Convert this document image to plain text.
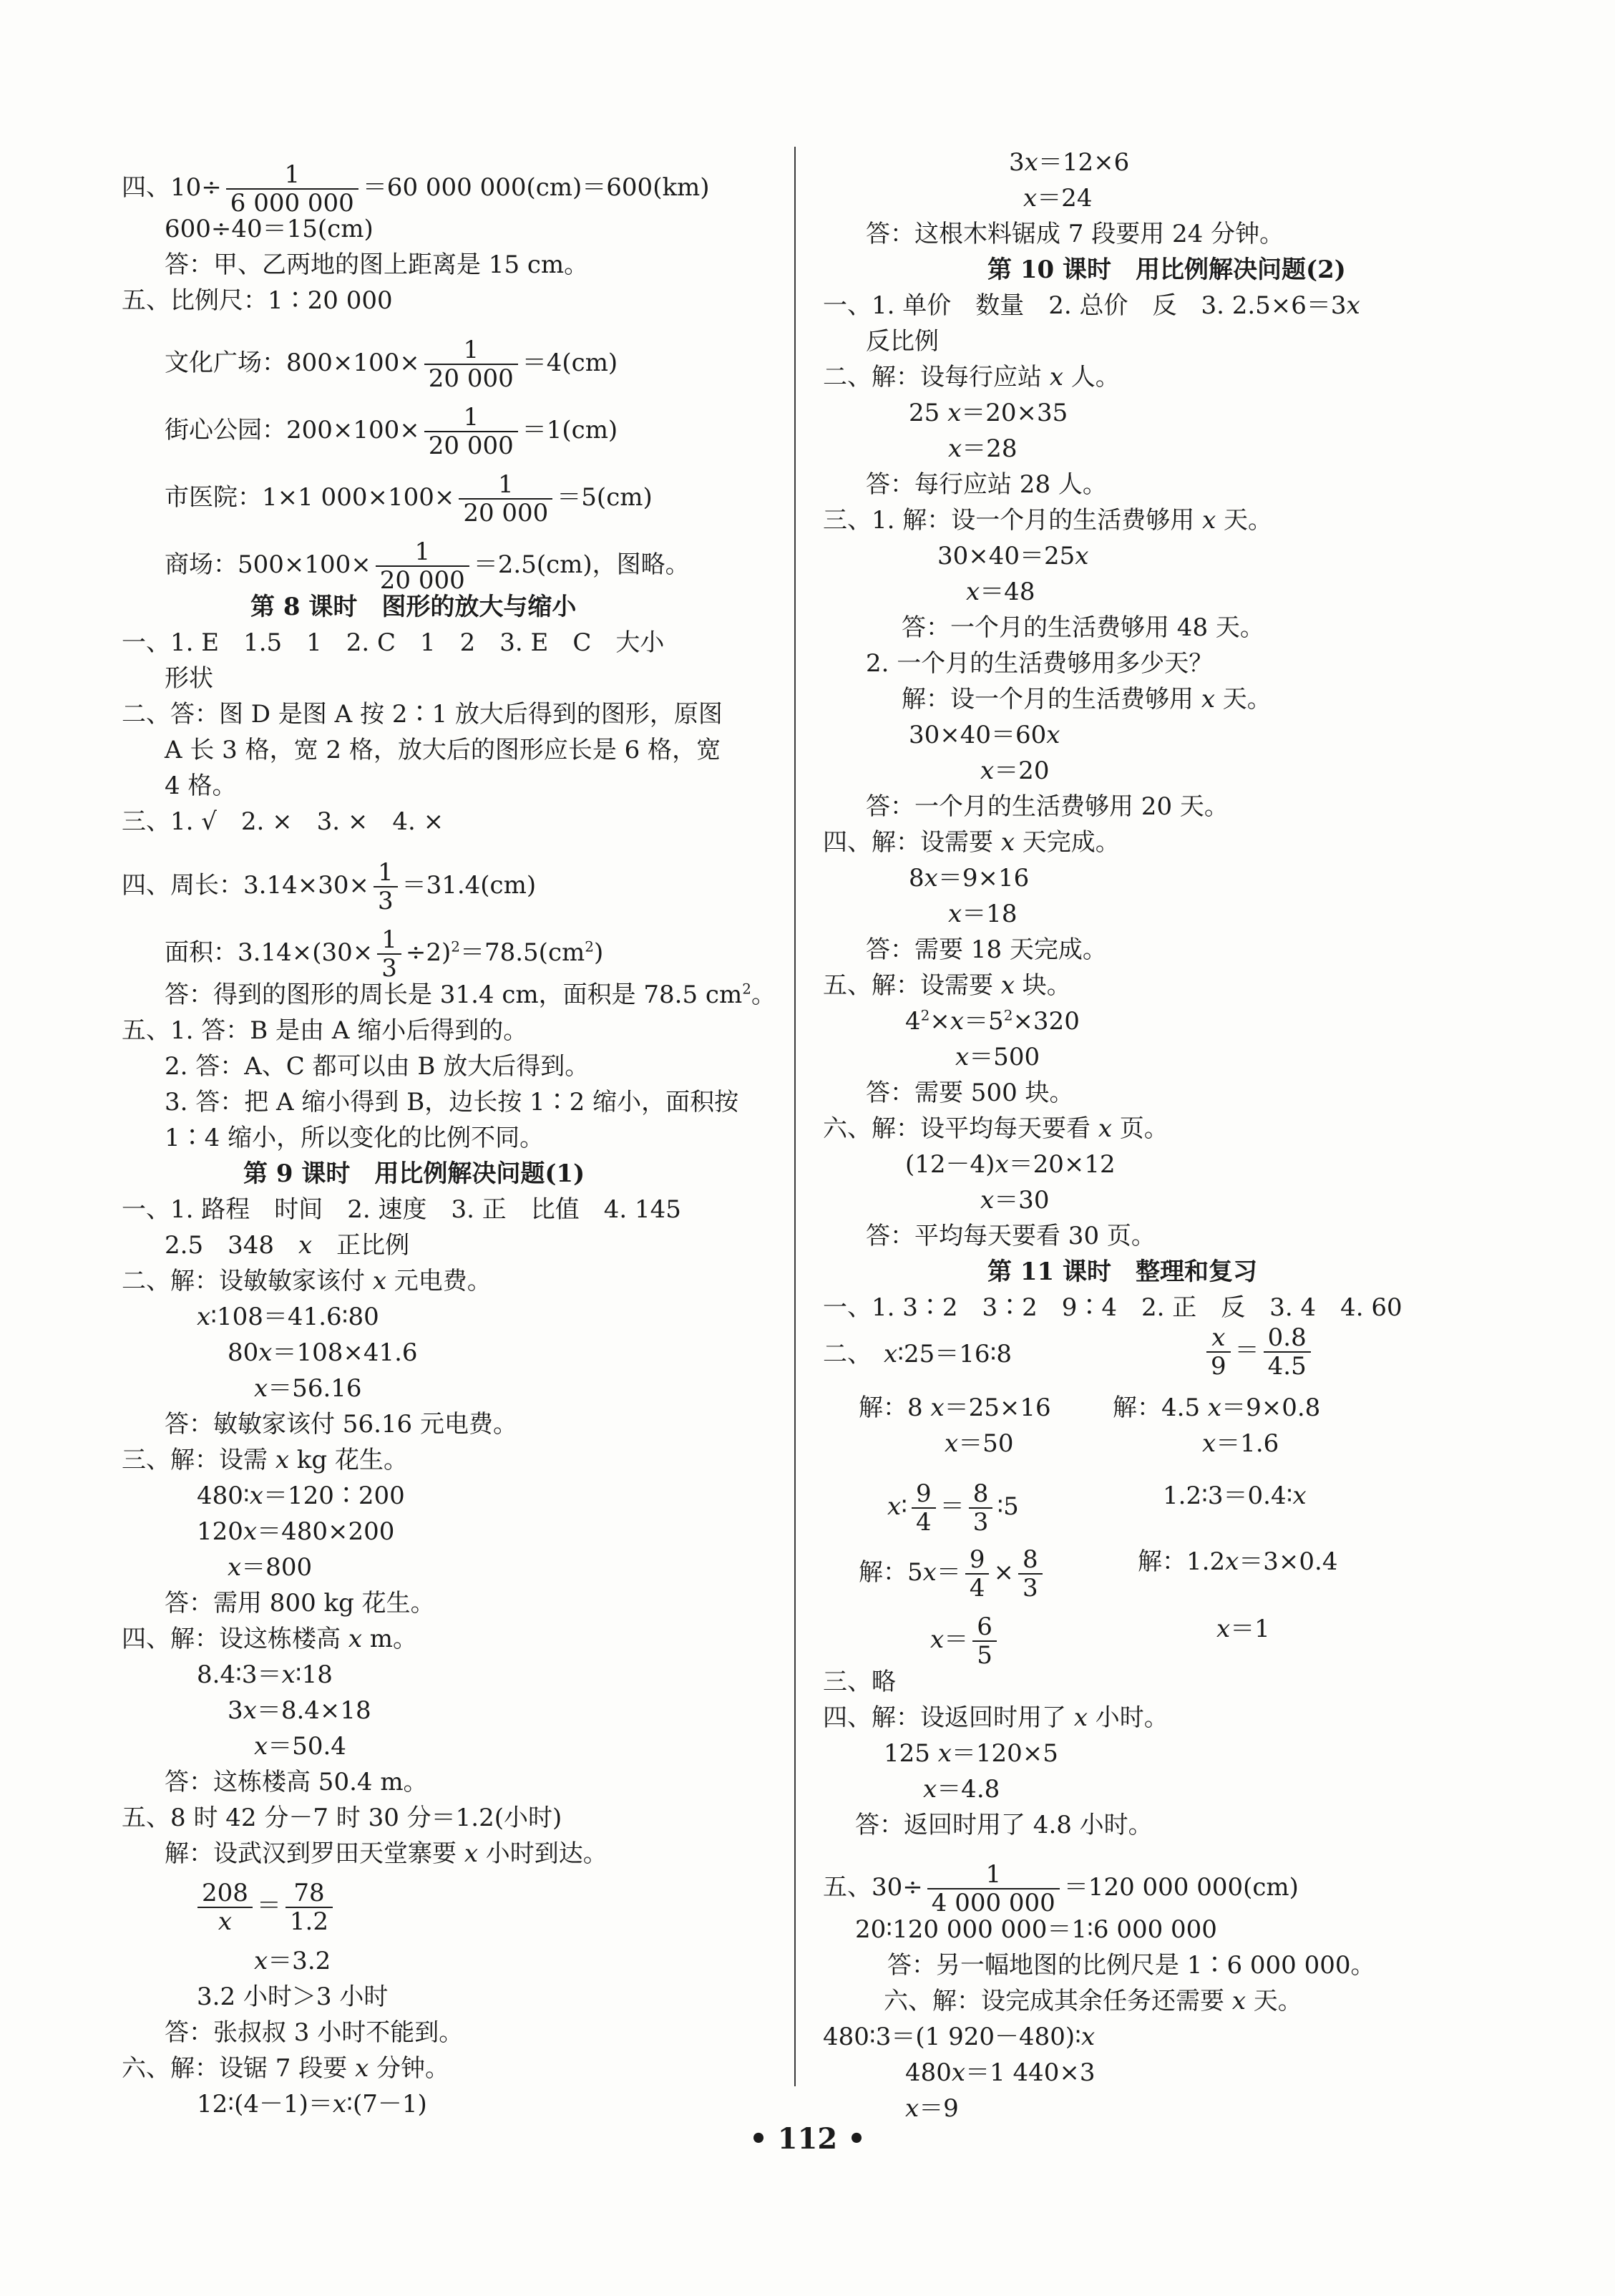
四、$10\div \frac{1}{6 000 000} =60$ 000 000(cm)＝600(km)
600÷40＝15(cm)
答：甲、乙两地的图上距离是 15 cm。
五、比例尺：1∶20 000
文化广场：$800\times 100\times \frac{1}{20 000} =4(cm)$
街心公园：$200\times 100\times \frac{1}{20 000} =1(cm)$
市医院：1×1 $000\times 100\times \frac{1}{20 000} =5(cm)$
商场：$500\times 100\times \frac{1}{20 000} =2.5(cm)$，图略。
第 8 课时　图形的放大与缩小
一、1. E　1.5　1　2. C　1　2　3. E　C　大小
形状
二、答：图 D 是图 A 按 2∶1 放大后得到的图形，原图
A 长 3 格，宽 2 格，放大后的图形应长是 6 格，宽
4 格。
三、1. √　2. ×　3. ×　4. ×
四、周长：$3.14\times 30\times \frac{1}{3} =31.4(cm)$
面积：$3.14\times(30\times \frac{1}{3} \div 2)^2=78.5(cm^2)$
答：得到的图形的周长是 31.4 cm，面积是 78.5 $cm^2$。
五、1. 答：B 是由 A 缩小后得到的。
2. 答：A、C 都可以由 B 放大后得到。
3. 答：把 A 缩小得到 B，边长按 1∶2 缩小，面积按
1∶4 缩小，所以变化的比例不同。
第 9 课时　用比例解决问题(1)
一、1. 路程　时间　2. 速度　3. 正　比值　4. 145
2.5　348　x　正比例
二、解：设敏敏家该付 x 元电费。
x∶108＝41.6∶80
80x＝108×41.6
x＝56.16
答：敏敏家该付 56.16 元电费。
三、解：设需 x kg 花生。
480∶x＝120∶200
120x＝480×200
x＝800
答：需用 800 kg 花生。
四、解：设这栋楼高 x m。
8.4∶3＝x∶18
3x＝8.4×18
x＝50.4
答：这栋楼高 50.4 m。
五、8 时 42 分－7 时 30 分＝1.2(小时)
解：设武汉到罗田天堂寨要 x 小时到达。
$\frac{208}{x} = \frac{78}{1.2}$
x＝3.2
3.2 小时＞3 小时
答：张叔叔 3 小时不能到。
六、解：设锯 7 段要 x 分钟。
12∶(4－1)＝x∶(7－1)
3x＝12×6
x＝24
答：这根木料锯成 7 段要用 24 分钟。
第 10 课时　用比例解决问题(2)
一、1. 单价　数量　2. 总价　反　3. 2.5×6＝3x
反比例
二、解：设每行应站 x 人。
25 x＝20×35
x＝28
答：每行应站 28 人。
三、1. 解：设一个月的生活费够用 x 天。
30×40＝25x
x＝48
答：一个月的生活费够用 48 天。
2. 一个月的生活费够用多少天？
解：设一个月的生活费够用 x 天。
30×40＝60x
x＝20
答：一个月的生活费够用 20 天。
四、解：设需要 x 天完成。
8x＝9×16
x＝18
答：需要 18 天完成。
五、解：设需要 x 块。
$4^2\times x=5^2\times 320$
x＝500
答：需要 500 块。
六、解：设平均每天要看 x 页。
(12－4)x＝20×12
x＝30
答：平均每天要看 30 页。
第 11 课时　整理和复习
一、1. 3∶2　3∶2　9∶4　2. 正　反　3. 4　4. 60
二、　x∶25＝16∶8	$\frac{x}{9} = \frac{0.8}{4.5}$
解：8 x＝25×16	解：4.5 x＝9×0.8
x＝50	x＝1.6
x∶ $\frac{9}{4} = \frac{8}{3}$ ∶5	1.2∶3＝0.4∶x
解：$5x= \frac{9}{4} \times \frac{8}{3}$	解：1.2x＝3×0.4
$x= \frac{6}{5}$	x＝1
三、略
四、解：设返回时用了 x 小时。
125 x＝120×5
x＝4.8
答：返回时用了 4.8 小时。
五、$30\div \frac{1}{4 000 000} =120$ 000 000(cm)
20∶120 000 000＝1∶6 000 000
答：另一幅地图的比例尺是 1∶6 000 000。
六、解：设完成其余任务还需要 x 天。
480∶3＝(1 920－480)∶x
480x＝1 440×3
x＝9
• 112 •
